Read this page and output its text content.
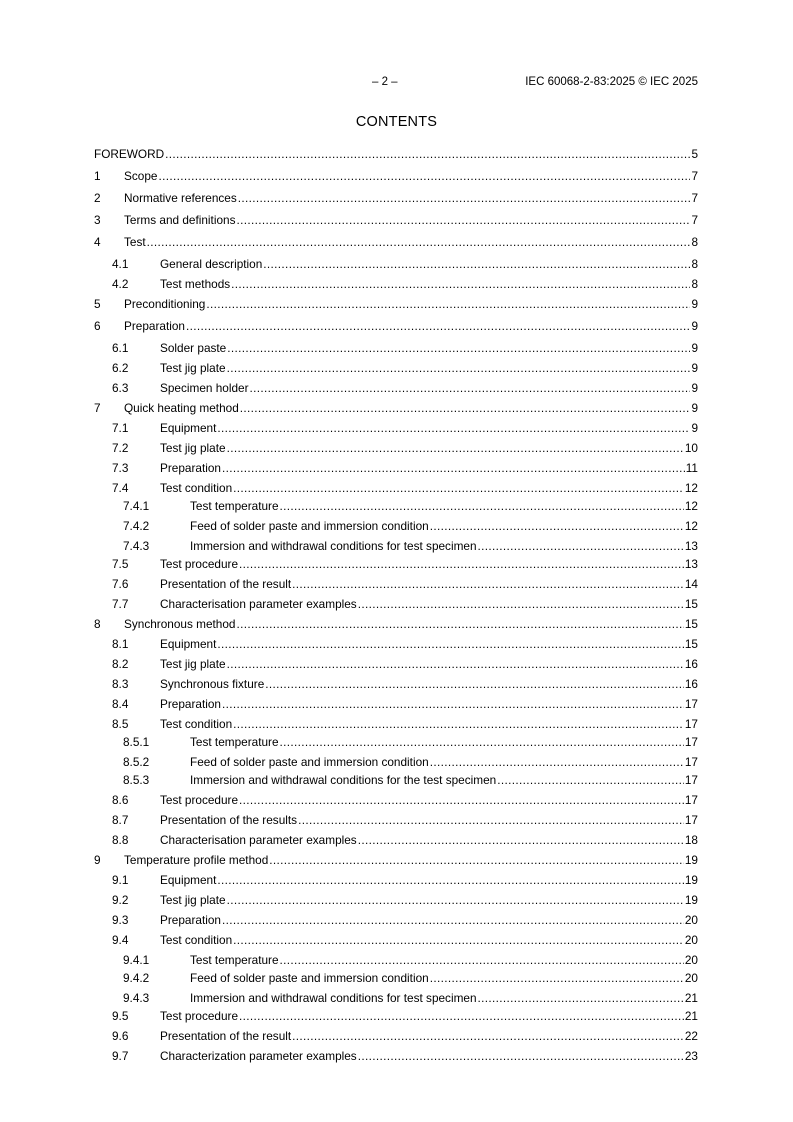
– 2 –	IEC 60068-2-83:2025 © IEC 2025
CONTENTS
FOREWORD .....	5
1	Scope .....	7
2	Normative references .....	7
3	Terms and definitions .....	7
4	Test .....	8
4.1	General description .....	8
4.2	Test methods .....	8
5	Preconditioning .....	9
6	Preparation .....	9
6.1	Solder paste .....	9
6.2	Test jig plate .....	9
6.3	Specimen holder .....	9
7	Quick heating method .....	9
7.1	Equipment .....	9
7.2	Test jig plate .....	10
7.3	Preparation .....	11
7.4	Test condition .....	12
7.4.1	Test temperature .....	12
7.4.2	Feed of solder paste and immersion condition .....	12
7.4.3	Immersion and withdrawal conditions for test specimen .....	13
7.5	Test procedure .....	13
7.6	Presentation of the result .....	14
7.7	Characterisation parameter examples .....	15
8	Synchronous method .....	15
8.1	Equipment .....	15
8.2	Test jig plate .....	16
8.3	Synchronous fixture .....	16
8.4	Preparation .....	17
8.5	Test condition .....	17
8.5.1	Test temperature .....	17
8.5.2	Feed of solder paste and immersion condition .....	17
8.5.3	Immersion and withdrawal conditions for the test specimen .....	17
8.6	Test procedure .....	17
8.7	Presentation of the results .....	17
8.8	Characterisation parameter examples .....	18
9	Temperature profile method .....	19
9.1	Equipment .....	19
9.2	Test jig plate .....	19
9.3	Preparation .....	20
9.4	Test condition .....	20
9.4.1	Test temperature .....	20
9.4.2	Feed of solder paste and immersion condition .....	20
9.4.3	Immersion and withdrawal conditions for test specimen .....	21
9.5	Test procedure .....	21
9.6	Presentation of the result .....	22
9.7	Characterization parameter examples .....	23
